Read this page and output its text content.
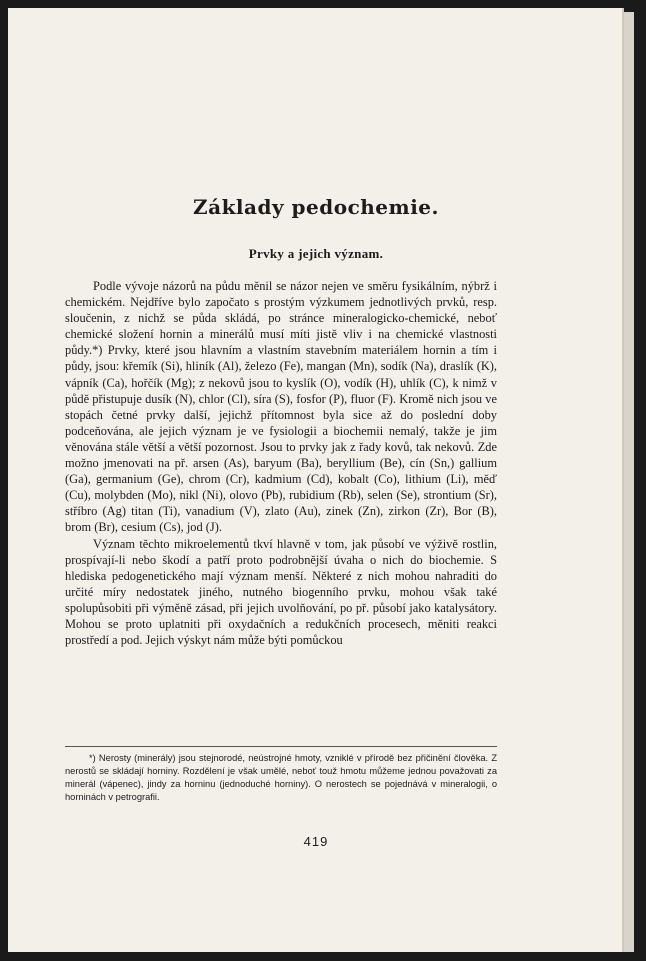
Základy pedochemie.
Prvky a jejich význam.

Podle vývoje názorů na půdu měnil se názor nejen ve směru fysikálním, nýbrž i chemickém. Nejdříve bylo započato s prostým výzkumem jednotlivých prvků, resp. sloučenin, z nichž se půda skládá, po stránce mineralogicko-chemické, neboť chemické složení hornin a minerálů musí míti jistě vliv i na chemické vlastnosti půdy.*) Prvky, které jsou hlavním a vlastním stavebním materiálem hornin a tím i půdy, jsou: křemík (Si), hliník (Al), železo (Fe), mangan (Mn), sodík (Na), draslík (K), vápník (Ca), hořčík (Mg); z nekovů jsou to kyslík (O), vodík (H), uhlík (C), k nimž v půdě přistupuje dusík (N), chlor (Cl), síra (S), fosfor (P), fluor (F). Kromě nich jsou ve stopách četné prvky další, jejichž přítomnost byla sice až do poslední doby podceňována, ale jejich význam je ve fysiologii a biochemii nemalý, takže je jim věnována stále větší a větší pozornost. Jsou to prvky jak z řady kovů, tak nekovů. Zde možno jmenovati na př. arsen (As), baryum (Ba), beryllium (Be), cín (Sn,) gallium (Ga), germanium (Ge), chrom (Cr), kadmium (Cd), kobalt (Co), lithium (Li), měď (Cu), molybden (Mo), nikl (Ni), olovo (Pb), rubidium (Rb), selen (Se), strontium (Sr), stříbro (Ag) titan (Ti), vanadium (V), zlato (Au), zinek (Zn), zirkon (Zr), Bor (B), brom (Br), cesium (Cs), jod (J).

Význam těchto mikroelementů tkví hlavně v tom, jak působí ve výživě rostlin, prospívají-li nebo škodí a patří proto podrobnější úvaha o nich do biochemie. S hlediska pedogenetického mají význam menší. Některé z nich mohou nahraditi do určité míry nedostatek jiného, nutného biogenního prvku, mohou však také spolupůsobiti při výměně zásad, při jejich uvolňování, po př. působí jako katalysátory. Mohou se proto uplatniti při oxydačních a redukčních procesech, měniti reakci prostředí a pod. Jejich výskyt nám může býti pomůckou

*) Nerosty (minerály) jsou stejnorodé, neústrojné hmoty, vzniklé v přírodě bez přičinění člověka. Z nerostů se skládají horniny. Rozdělení je však umělé, neboť touž hmotu můžeme jednou považovati za minerál (vápenec), jindy za horninu (jednoduché horniny). O nerostech se pojednává v mineralogii, o horninách v petrografii.

419
